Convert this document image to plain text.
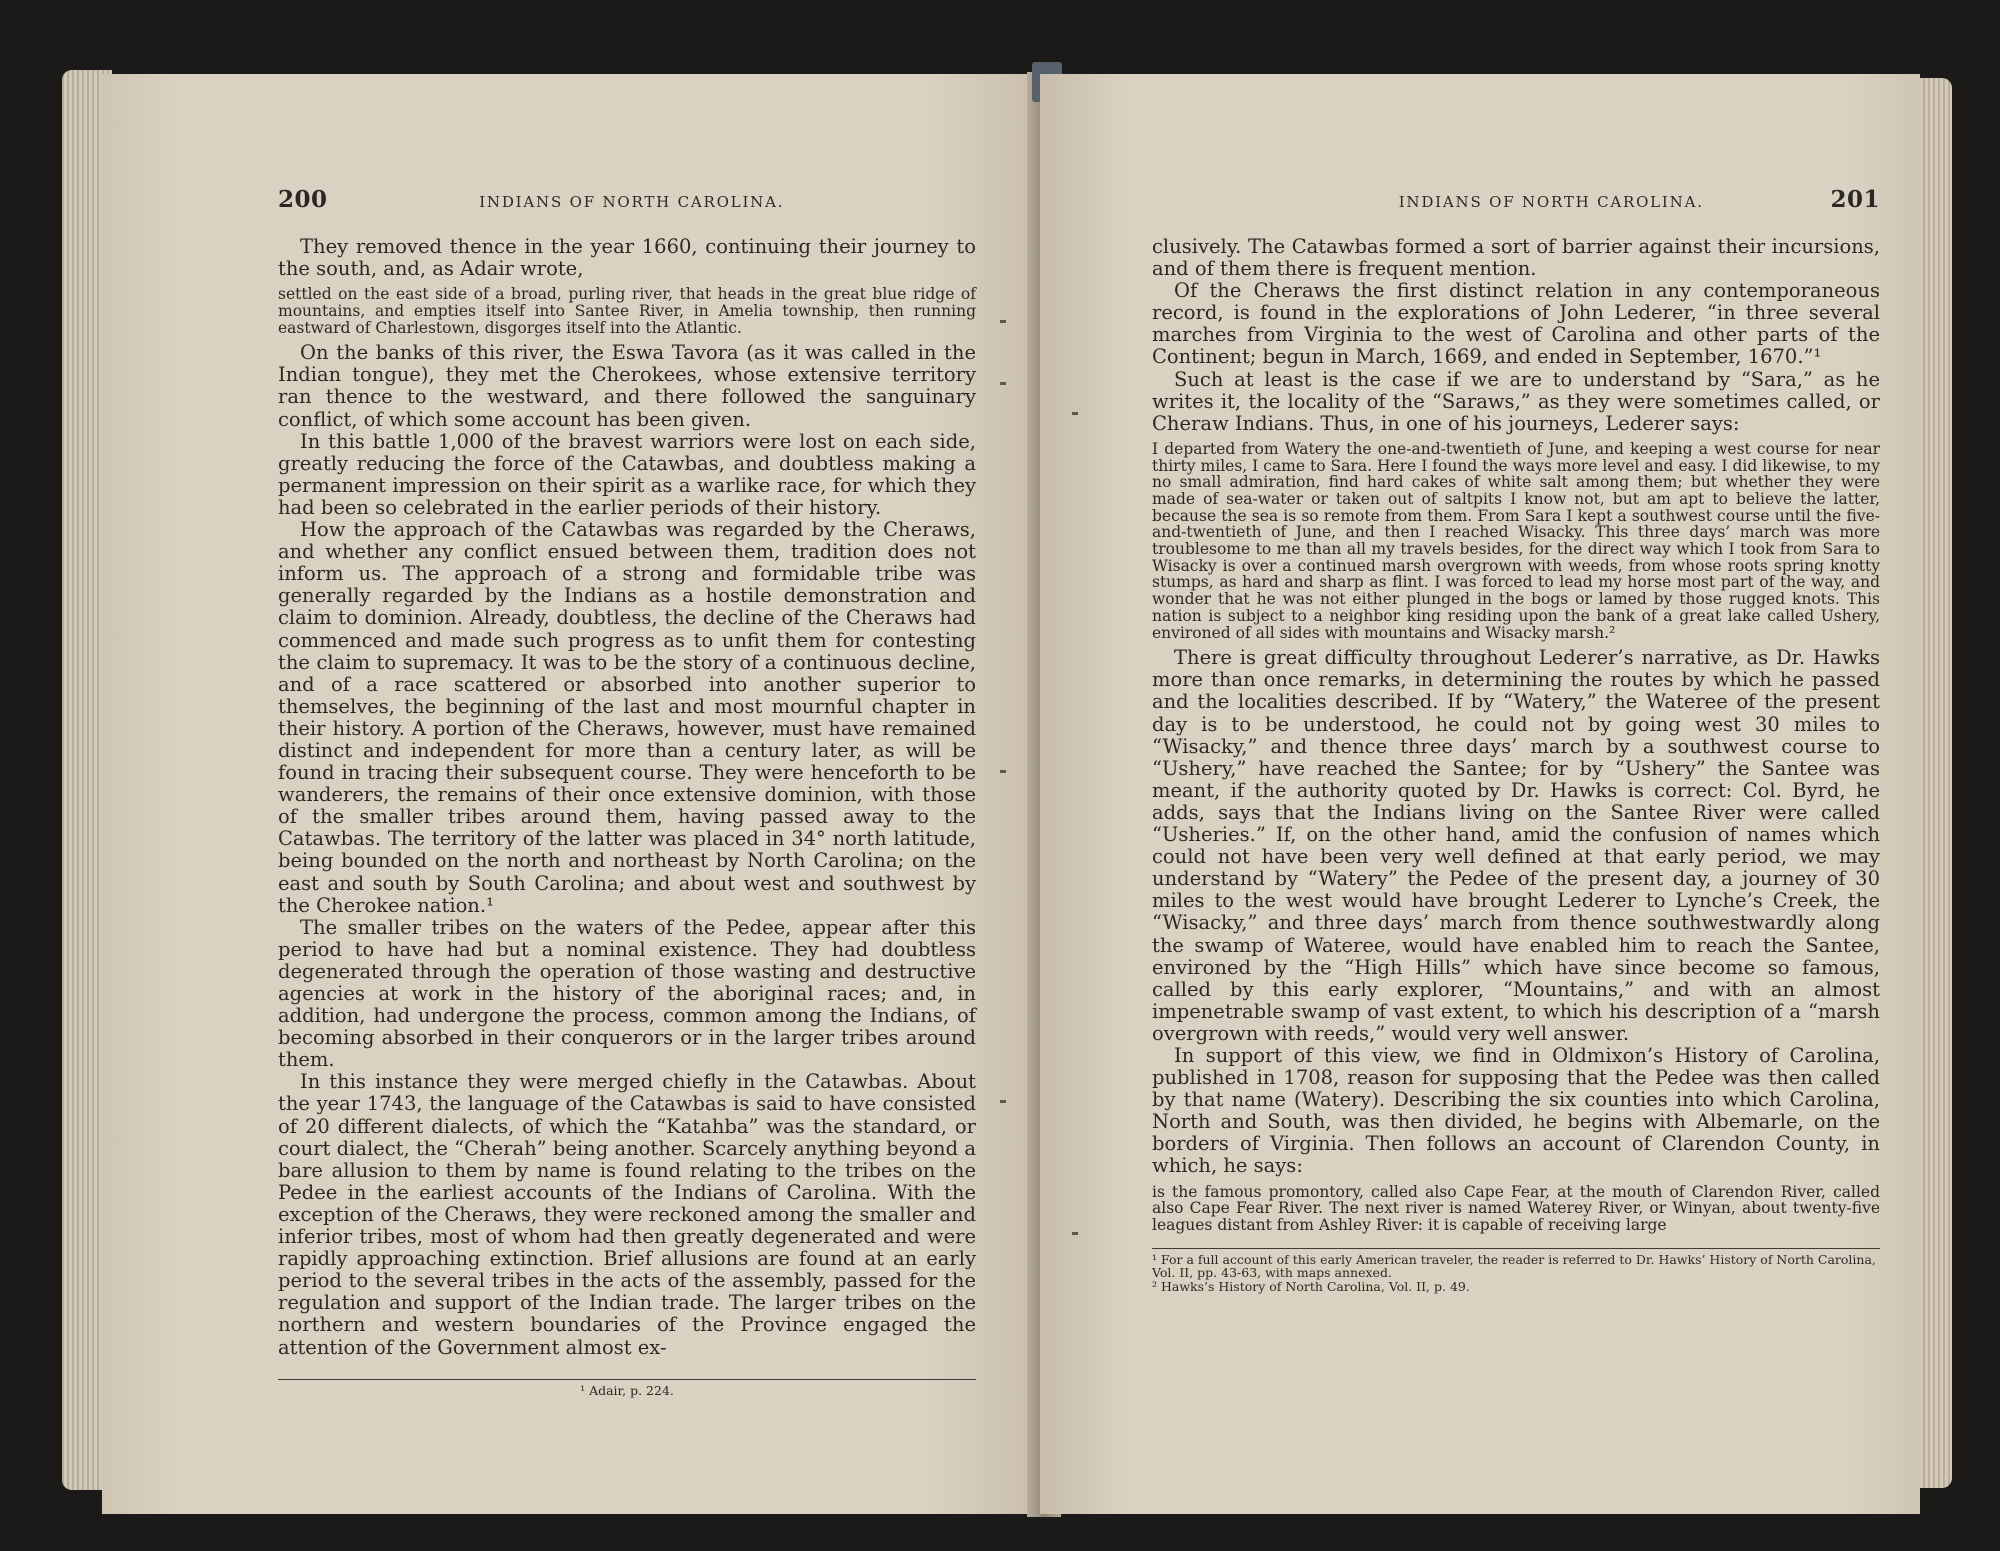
200	INDIANS OF NORTH CAROLINA.

They removed thence in the year 1660, continuing their journey to the south, and, as Adair wrote,

settled on the east side of a broad, purling river, that heads in the great blue ridge of mountains, and empties itself into Santee River, in Amelia township, then running eastward of Charlestown, disgorges itself into the Atlantic.

On the banks of this river, the Eswa Tavora (as it was called in the Indian tongue), they met the Cherokees, whose extensive territory ran thence to the westward, and there followed the sanguinary conflict, of which some account has been given.

In this battle 1,000 of the bravest warriors were lost on each side, greatly reducing the force of the Catawbas, and doubtless making a permanent impression on their spirit as a warlike race, for which they had been so celebrated in the earlier periods of their history.

How the approach of the Catawbas was regarded by the Cheraws, and whether any conflict ensued between them, tradition does not inform us. The approach of a strong and formidable tribe was generally regarded by the Indians as a hostile demonstration and claim to dominion. Already, doubtless, the decline of the Cheraws had commenced and made such progress as to unfit them for contesting the claim to supremacy. It was to be the story of a continuous decline, and of a race scattered or absorbed into another superior to themselves, the beginning of the last and most mournful chapter in their history. A portion of the Cheraws, however, must have remained distinct and independent for more than a century later, as will be found in tracing their subsequent course. They were henceforth to be wanderers, the remains of their once extensive dominion, with those of the smaller tribes around them, having passed away to the Catawbas. The territory of the latter was placed in 34° north latitude, being bounded on the north and northeast by North Carolina; on the east and south by South Carolina; and about west and southwest by the Cherokee nation.¹

The smaller tribes on the waters of the Pedee, appear after this period to have had but a nominal existence. They had doubtless degenerated through the operation of those wasting and destructive agencies at work in the history of the aboriginal races; and, in addition, had undergone the process, common among the Indians, of becoming absorbed in their conquerors or in the larger tribes around them.

In this instance they were merged chiefly in the Catawbas. About the year 1743, the language of the Catawbas is said to have consisted of 20 different dialects, of which the “Katahba” was the standard, or court dialect, the “Cherah” being another. Scarcely anything beyond a bare allusion to them by name is found relating to the tribes on the Pedee in the earliest accounts of the Indians of Carolina. With the exception of the Cheraws, they were reckoned among the smaller and inferior tribes, most of whom had then greatly degenerated and were rapidly approaching extinction. Brief allusions are found at an early period to the several tribes in the acts of the assembly, passed for the regulation and support of the Indian trade. The larger tribes on the northern and western boundaries of the Province engaged the attention of the Government almost ex-

¹ Adair, p. 224.

INDIANS OF NORTH CAROLINA.	201

clusively. The Catawbas formed a sort of barrier against their incursions, and of them there is frequent mention.

Of the Cheraws the first distinct relation in any contemporaneous record, is found in the explorations of John Lederer, “in three several marches from Virginia to the west of Carolina and other parts of the Continent; begun in March, 1669, and ended in September, 1670.”¹

Such at least is the case if we are to understand by “Sara,” as he writes it, the locality of the “Saraws,” as they were sometimes called, or Cheraw Indians. Thus, in one of his journeys, Lederer says:

I departed from Watery the one-and-twentieth of June, and keeping a west course for near thirty miles, I came to Sara. Here I found the ways more level and easy. I did likewise, to my no small admiration, find hard cakes of white salt among them; but whether they were made of sea-water or taken out of saltpits I know not, but am apt to believe the latter, because the sea is so remote from them. From Sara I kept a southwest course until the five-and-twentieth of June, and then I reached Wisacky. This three days’ march was more troublesome to me than all my travels besides, for the direct way which I took from Sara to Wisacky is over a continued marsh overgrown with weeds, from whose roots spring knotty stumps, as hard and sharp as flint. I was forced to lead my horse most part of the way, and wonder that he was not either plunged in the bogs or lamed by those rugged knots. This nation is subject to a neighbor king residing upon the bank of a great lake called Ushery, environed of all sides with mountains and Wisacky marsh.²

There is great difficulty throughout Lederer’s narrative, as Dr. Hawks more than once remarks, in determining the routes by which he passed and the localities described. If by “Watery,” the Wateree of the present day is to be understood, he could not by going west 30 miles to “Wisacky,” and thence three days’ march by a southwest course to “Ushery,” have reached the Santee; for by “Ushery” the Santee was meant, if the authority quoted by Dr. Hawks is correct: Col. Byrd, he adds, says that the Indians living on the Santee River were called “Usheries.” If, on the other hand, amid the confusion of names which could not have been very well defined at that early period, we may understand by “Watery” the Pedee of the present day, a journey of 30 miles to the west would have brought Lederer to Lynche’s Creek, the “Wisacky,” and three days’ march from thence southwestwardly along the swamp of Wateree, would have enabled him to reach the Santee, environed by the “High Hills” which have since become so famous, called by this early explorer, “Mountains,” and with an almost impenetrable swamp of vast extent, to which his description of a “marsh overgrown with reeds,” would very well answer.

In support of this view, we find in Oldmixon’s History of Carolina, published in 1708, reason for supposing that the Pedee was then called by that name (Watery). Describing the six counties into which Carolina, North and South, was then divided, he begins with Albemarle, on the borders of Virginia. Then follows an account of Clarendon County, in which, he says:

is the famous promontory, called also Cape Fear, at the mouth of Clarendon River, called also Cape Fear River. The next river is named Waterey River, or Winyan, about twenty-five leagues distant from Ashley River: it is capable of receiving large

¹ For a full account of this early American traveler, the reader is referred to Dr. Hawks’ History of North Carolina, Vol. II, pp. 43-63, with maps annexed.

² Hawks’s History of North Carolina, Vol. II, p. 49.
